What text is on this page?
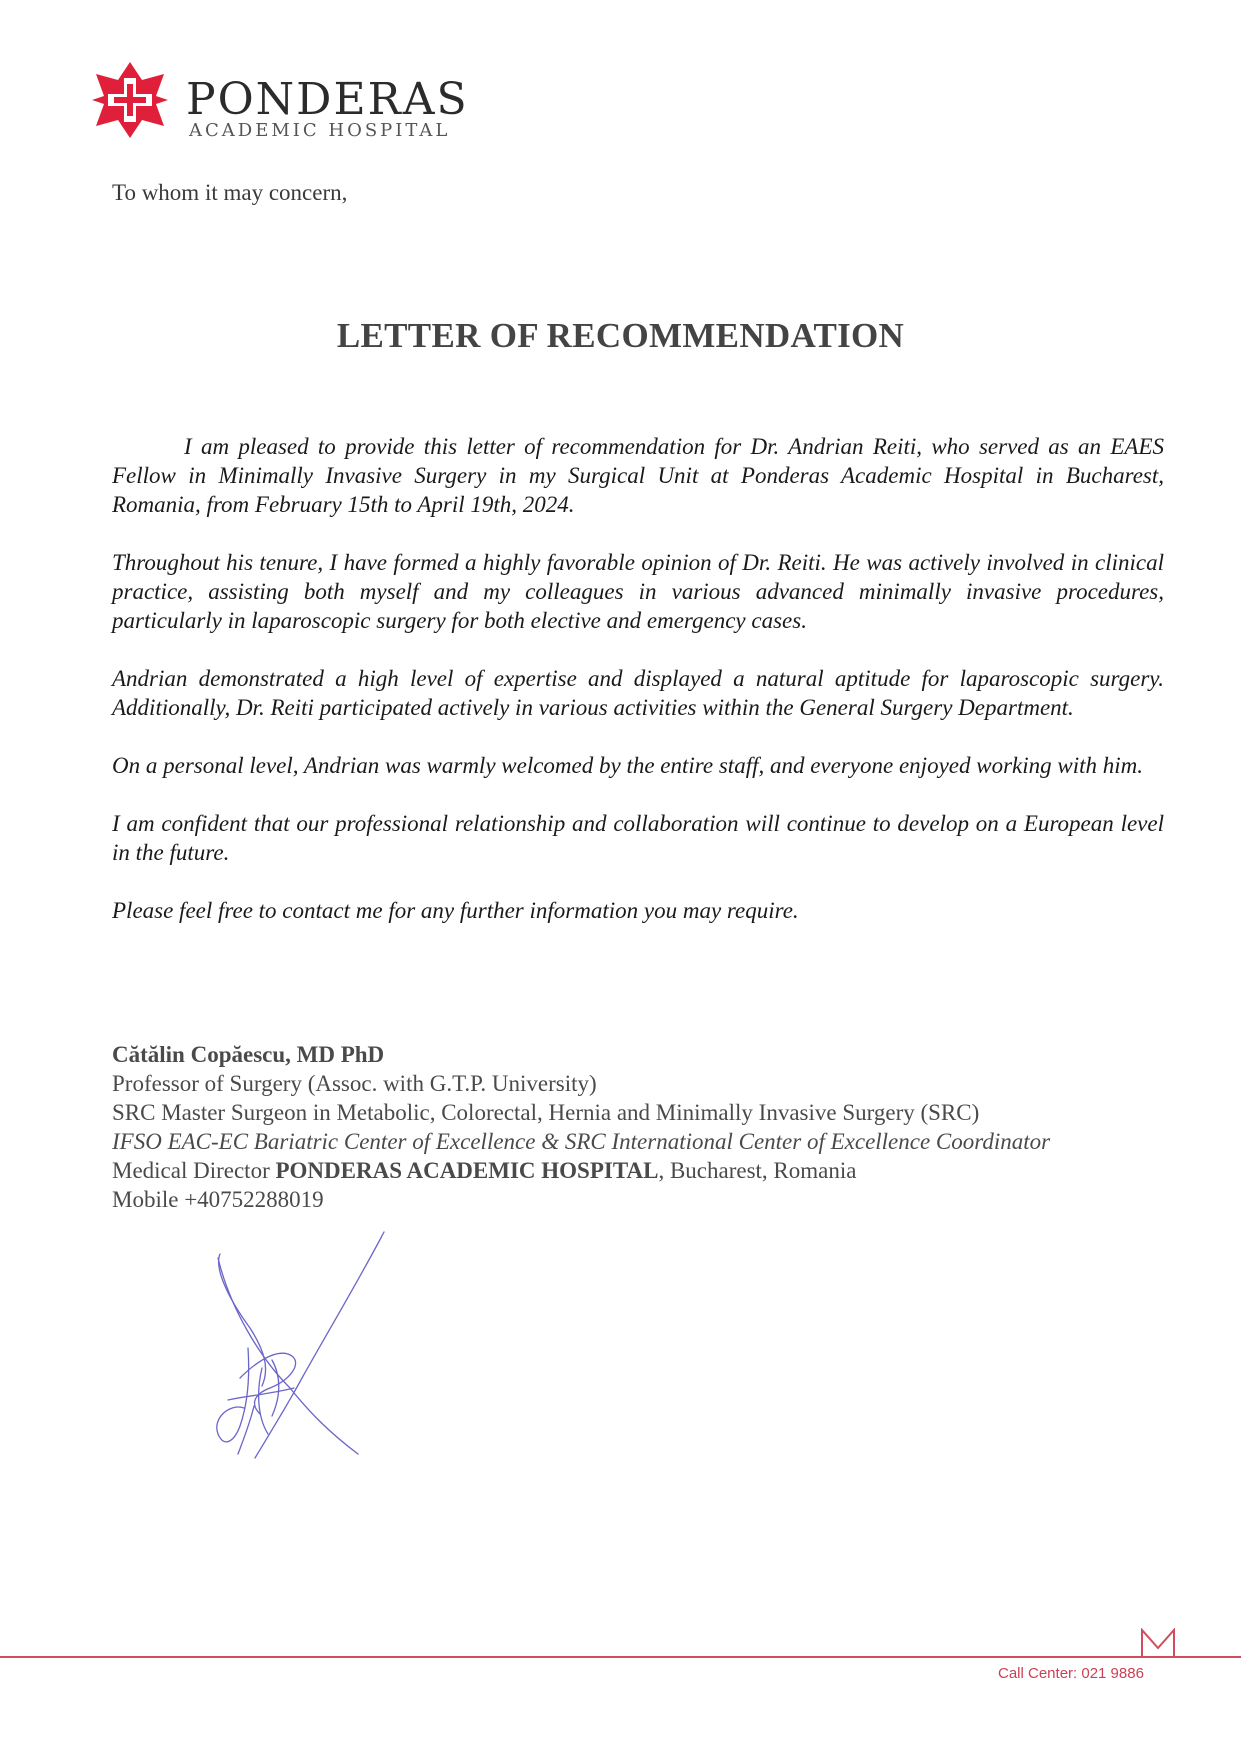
PONDERAS
ACADEMIC HOSPITAL
To whom it may concern,
LETTER OF RECOMMENDATION

I am pleased to provide this letter of recommendation for Dr. Andrian Reiti, who served as an EAES Fellow in Minimally Invasive Surgery in my Surgical Unit at Ponderas Academic Hospital in Bucharest, Romania, from February 15th to April 19th, 2024.

Throughout his tenure, I have formed a highly favorable opinion of Dr. Reiti. He was actively involved in clinical practice, assisting both myself and my colleagues in various advanced minimally invasive procedures, particularly in laparoscopic surgery for both elective and emergency cases.

Andrian demonstrated a high level of expertise and displayed a natural aptitude for laparoscopic surgery. Additionally, Dr. Reiti participated actively in various activities within the General Surgery Department.

On a personal level, Andrian was warmly welcomed by the entire staff, and everyone enjoyed working with him.

I am confident that our professional relationship and collaboration will continue to develop on a European level in the future.

Please feel free to contact me for any further information you may require.

Cătălin Copăescu, MD PhD
Professor of Surgery (Assoc. with G.T.P. University)
SRC Master Surgeon in Metabolic, Colorectal, Hernia and Minimally Invasive Surgery (SRC)
IFSO EAC-EC Bariatric Center of Excellence & SRC International Center of Excellence Coordinator
Medical Director PONDERAS ACADEMIC HOSPITAL, Bucharest, Romania
Mobile +40752288019
Call Center: 021 9886
